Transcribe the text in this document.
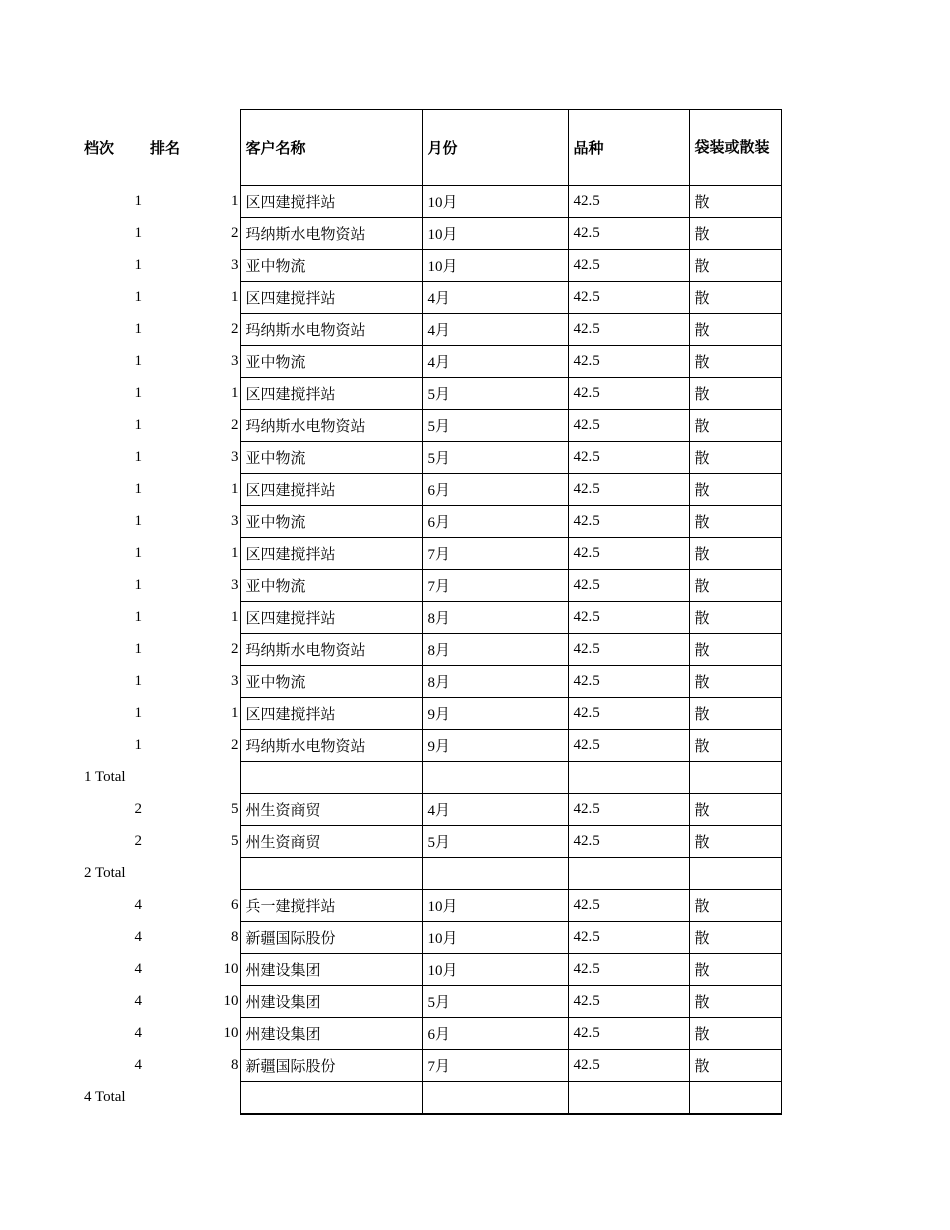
档次	排名	客户名称	月份	品种	袋装或散装
1	1	区四建搅拌站	10月	42.5	散
1	2	玛纳斯水电物资站	10月	42.5	散
1	3	亚中物流	10月	42.5	散
1	1	区四建搅拌站	4月	42.5	散
1	2	玛纳斯水电物资站	4月	42.5	散
1	3	亚中物流	4月	42.5	散
1	1	区四建搅拌站	5月	42.5	散
1	2	玛纳斯水电物资站	5月	42.5	散
1	3	亚中物流	5月	42.5	散
1	1	区四建搅拌站	6月	42.5	散
1	3	亚中物流	6月	42.5	散
1	1	区四建搅拌站	7月	42.5	散
1	3	亚中物流	7月	42.5	散
1	1	区四建搅拌站	8月	42.5	散
1	2	玛纳斯水电物资站	8月	42.5	散
1	3	亚中物流	8月	42.5	散
1	1	区四建搅拌站	9月	42.5	散
1	2	玛纳斯水电物资站	9月	42.5	散
1 Total					
2	5	州生资商贸	4月	42.5	散
2	5	州生资商贸	5月	42.5	散
2 Total					
4	6	兵一建搅拌站	10月	42.5	散
4	8	新疆国际股份	10月	42.5	散
4	10	州建设集团	10月	42.5	散
4	10	州建设集团	5月	42.5	散
4	10	州建设集团	6月	42.5	散
4	8	新疆国际股份	7月	42.5	散
4 Total					
